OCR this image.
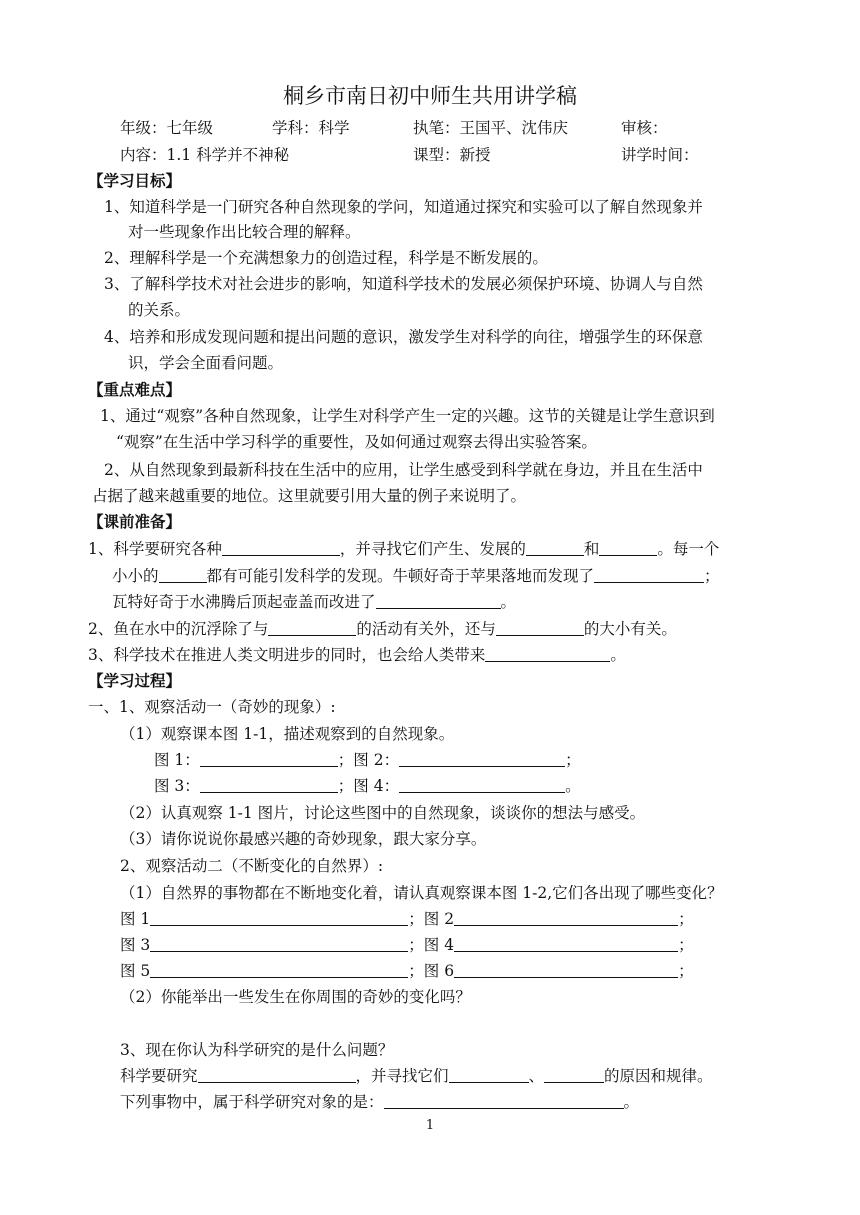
桐乡市南日初中师生共用讲学稿
年级：七年级	学科：科学	执笔：王国平、沈伟庆	审核：
内容：1.1 科学并不神秘	课型：新授	讲学时间：
【学习目标】
1、知道科学是一门研究各种自然现象的学问，知道通过探究和实验可以了解自然现象并
对一些现象作出比较合理的解释。
2、理解科学是一个充满想象力的创造过程，科学是不断发展的。
3、了解科学技术对社会进步的影响，知道科学技术的发展必须保护环境、协调人与自然
的关系。
4、培养和形成发现问题和提出问题的意识，激发学生对科学的向往，增强学生的环保意
识，学会全面看问题。
【重点难点】
1、通过“观察”各种自然现象，让学生对科学产生一定的兴趣。这节的关键是让学生意识到
“观察”在生活中学习科学的重要性，及如何通过观察去得出实验答案。
2、从自然现象到最新科技在生活中的应用，让学生感受到科学就在身边，并且在生活中
占据了越来越重要的地位。这里就要引用大量的例子来说明了。
【课前准备】
1、科学要研究各种	，并寻找它们产生、发展的	和	。每一个
小小的	都有可能引发科学的发现。牛顿好奇于苹果落地而发现了	；
瓦特好奇于水沸腾后顶起壶盖而改进了	。
2、鱼在水中的沉浮除了与	的活动有关外，还与	的大小有关。
3、科学技术在推进人类文明进步的同时，也会给人类带来	。
【学习过程】
一、1、观察活动一（奇妙的现象）:
（1）观察课本图 1-1，描述观察到的自然现象。
图 1：	；图 2：	；
图 3：	；图 4：	。
（2）认真观察 1-1 图片，讨论这些图中的自然现象，谈谈你的想法与感受。
（3）请你说说你最感兴趣的奇妙现象，跟大家分享。
2、观察活动二（不断变化的自然界）:
（1）自然界的事物都在不断地变化着，请认真观察课本图 1-2,它们各出现了哪些变化？
图 1	；图 2	；
图 3	；图 4	；
图 5	；图 6	；
（2）你能举出一些发生在你周围的奇妙的变化吗？
3、现在你认为科学研究的是什么问题？
科学要研究	，并寻找它们	、	的原因和规律。
下列事物中，属于科学研究对象的是：	。
1
